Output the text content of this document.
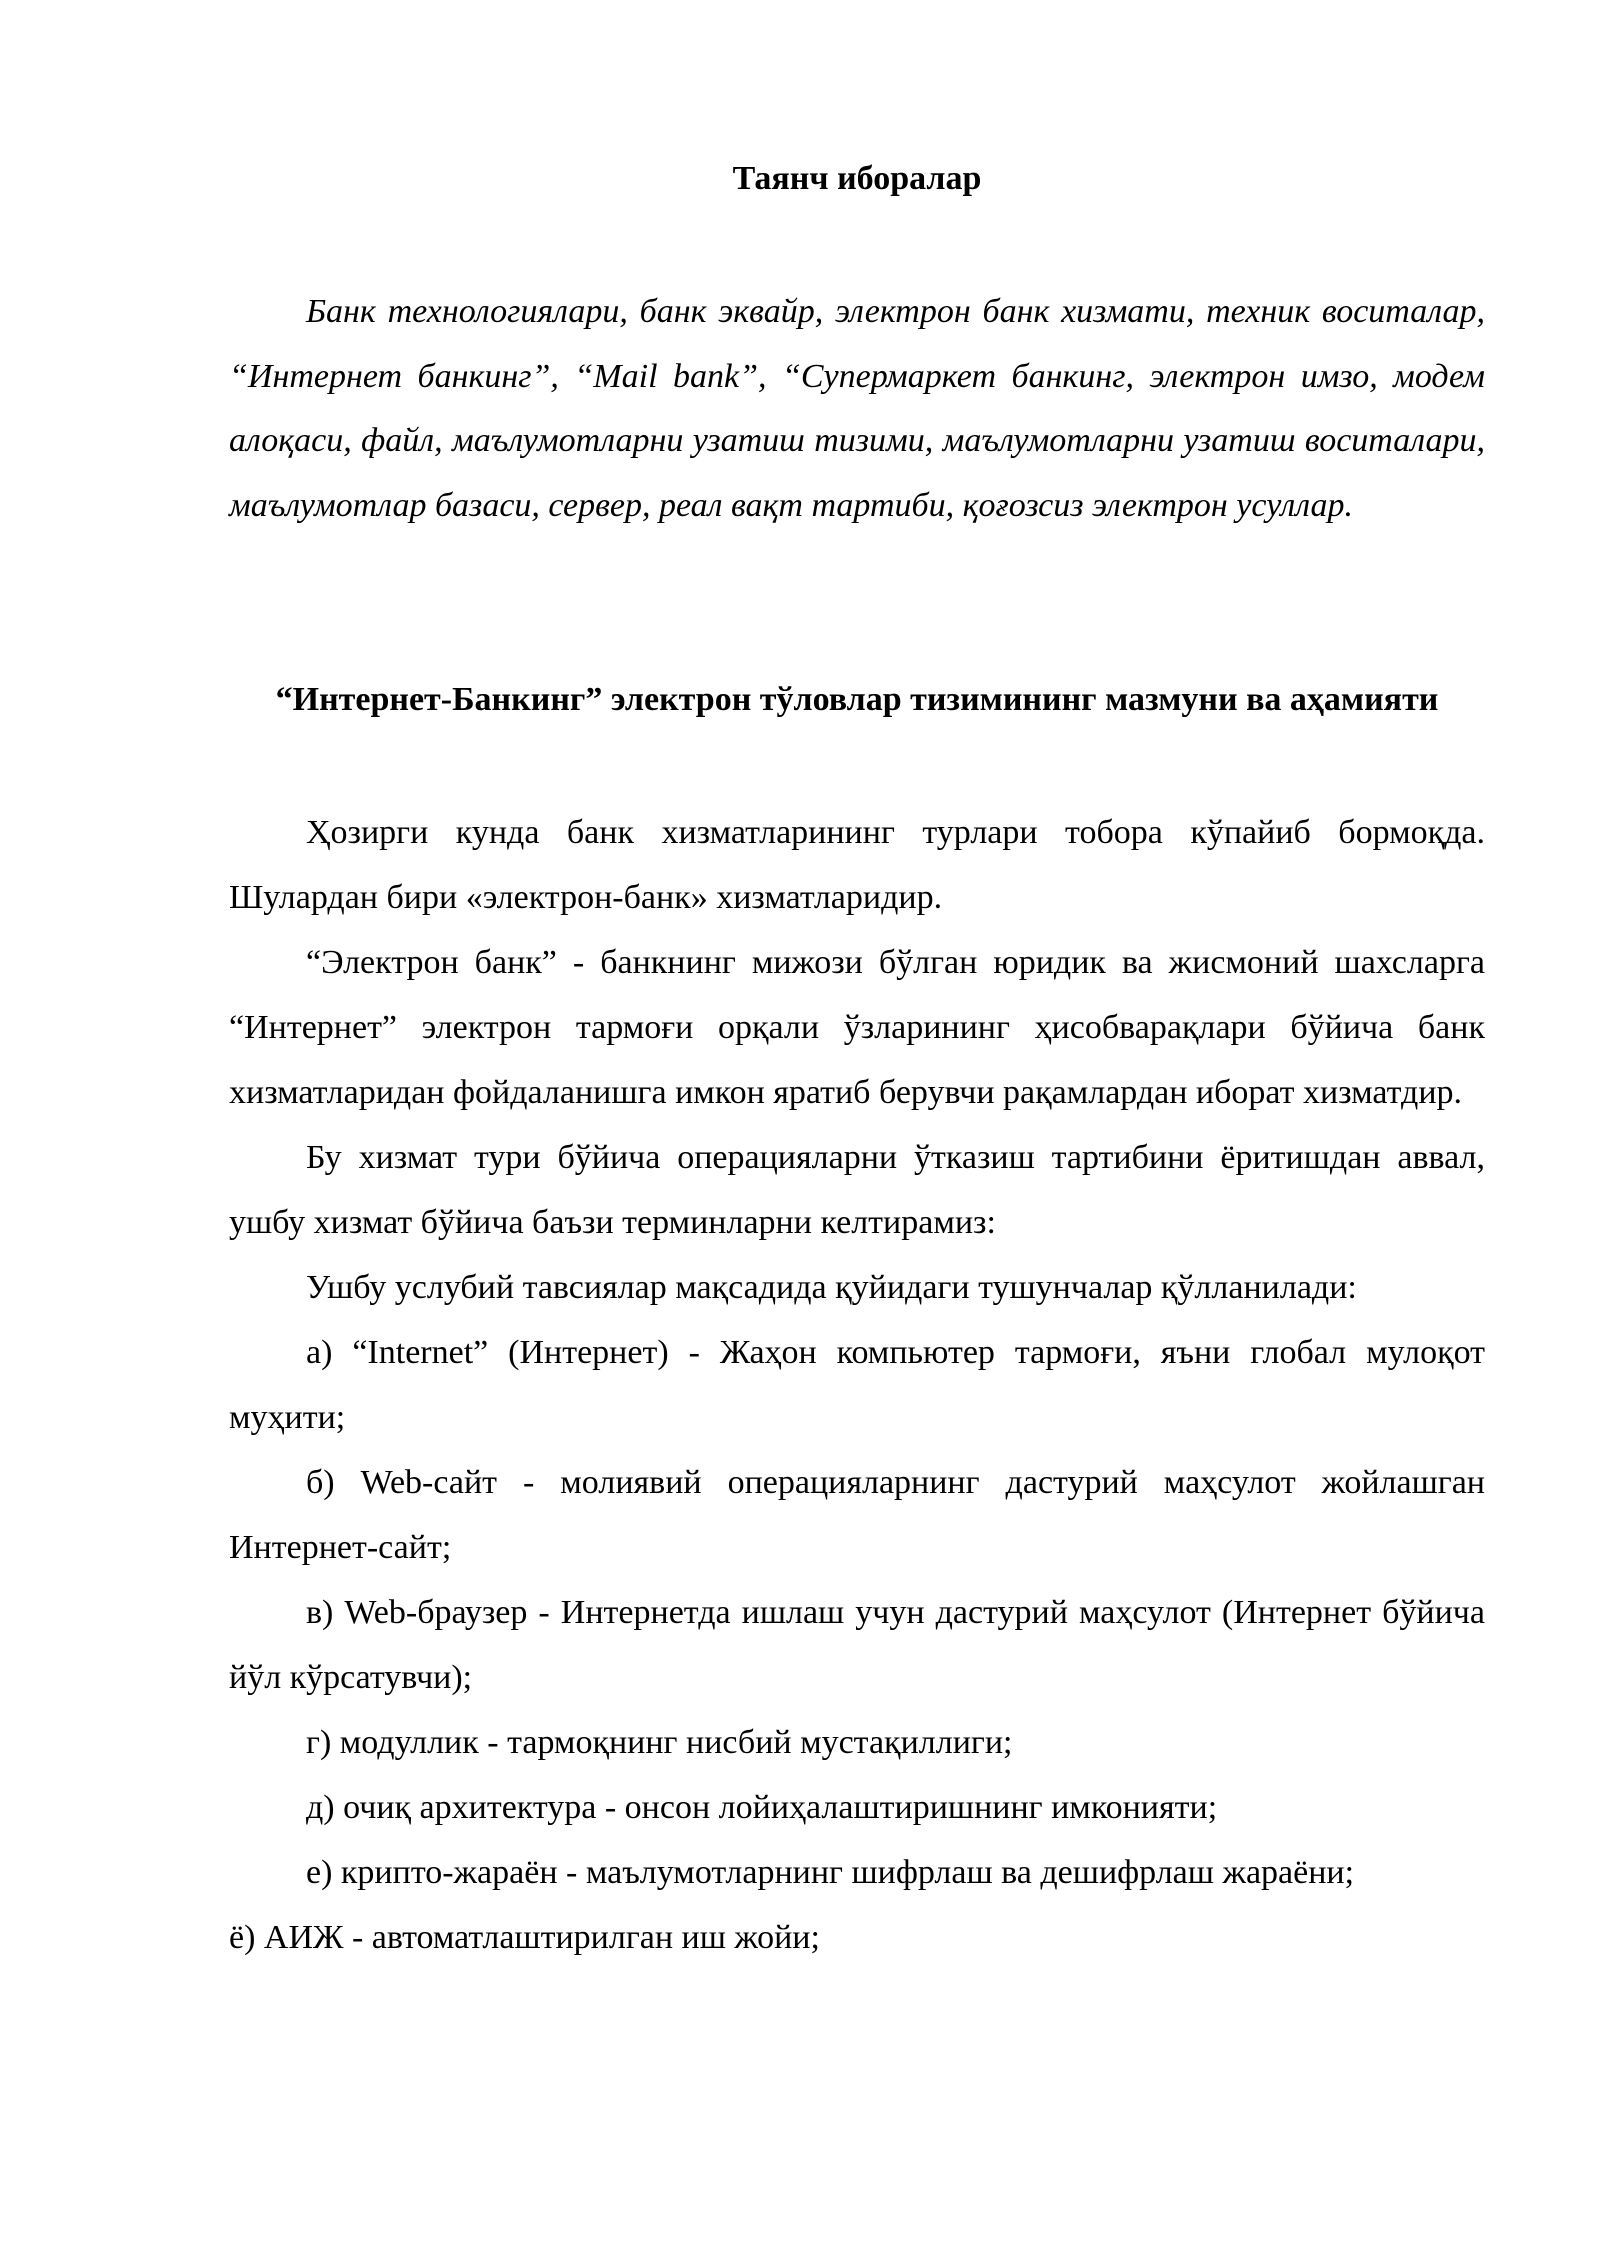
Таянч иборалар

Банк технологиялари, банк эквайр, электрон банк хизмати, техник воситалар, “Интернет банкинг”, “Mail bank”, “Супермаркет банкинг, электрон имзо, модем алоқаси, файл, маълумотларни узатиш тизими, маълумотларни узатиш воситалари, маълумотлар базаси, сервер, реал вақт тартиби, қоғозсиз электрон усуллар.

“Интернет-Банкинг” электрон тўловлар тизимининг мазмуни ва аҳамияти

Ҳозирги кунда банк хизматларининг турлари тобора кўпайиб бормоқда. Шулардан бири «электрон-банк» хизматларидир.

“Электрон банк” - банкнинг мижози бўлган юридик ва жисмоний шахсларга “Интернет” электрон тармоғи орқали ўзларининг ҳисобварақлари бўйича банк хизматларидан фойдаланишга имкон яратиб берувчи рақамлардан иборат хизматдир.

Бу хизмат тури бўйича операцияларни ўтказиш тартибини ёритишдан аввал, ушбу хизмат бўйича баъзи терминларни келтирамиз:

Ушбу услубий тавсиялар мақсадида қуйидаги тушунчалар қўлланилади:

а) “Internet” (Интернет) - Жаҳон компьютер тармоғи, яъни глобал мулоқот муҳити;

б) Web-сайт - молиявий операцияларнинг дастурий маҳсулот жойлашган Интернет-сайт;

в) Web-браузер - Интернетда ишлаш учун дастурий маҳсулот (Интернет бўйича йўл кўрсатувчи);

г) модуллик - тармоқнинг нисбий мустақиллиги;

д) очиқ архитектура - онсон лойиҳалаштиришнинг имконияти;

е) крипто-жараён - маълумотларнинг шифрлаш ва дешифрлаш жараёни;

ё) АИЖ - автоматлаштирилган иш жойи;
